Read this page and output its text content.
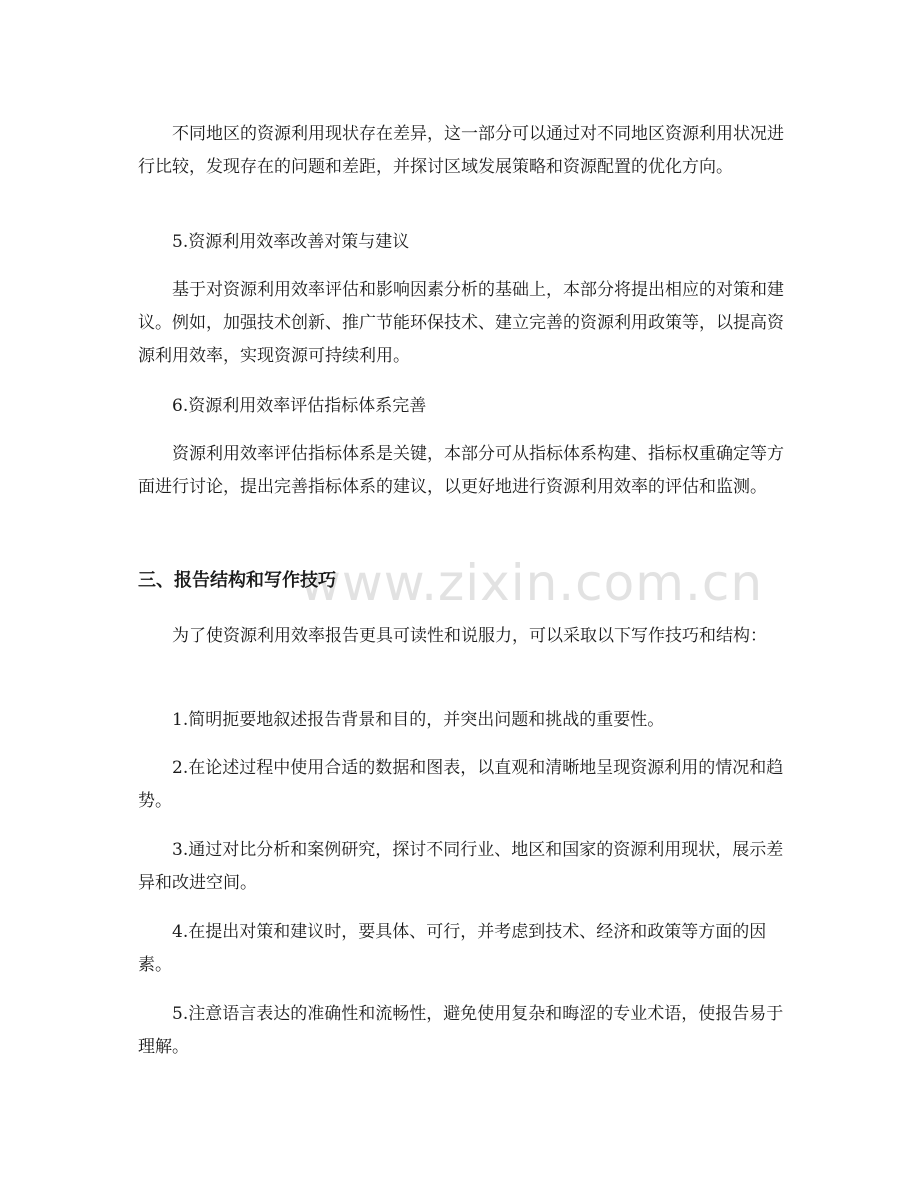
www.zixin.com.cn

不同地区的资源利用现状存在差异，这一部分可以通过对不同地区资源利用状况进行比较，发现存在的问题和差距，并探讨区域发展策略和资源配置的优化方向。

5.资源利用效率改善对策与建议

基于对资源利用效率评估和影响因素分析的基础上，本部分将提出相应的对策和建议。例如，加强技术创新、推广节能环保技术、建立完善的资源利用政策等，以提高资源利用效率，实现资源可持续利用。

6.资源利用效率评估指标体系完善

资源利用效率评估指标体系是关键，本部分可从指标体系构建、指标权重确定等方面进行讨论，提出完善指标体系的建议，以更好地进行资源利用效率的评估和监测。

三、报告结构和写作技巧

为了使资源利用效率报告更具可读性和说服力，可以采取以下写作技巧和结构：

1.简明扼要地叙述报告背景和目的，并突出问题和挑战的重要性。

2.在论述过程中使用合适的数据和图表，以直观和清晰地呈现资源利用的情况和趋势。

3.通过对比分析和案例研究，探讨不同行业、地区和国家的资源利用现状，展示差异和改进空间。

4.在提出对策和建议时，要具体、可行，并考虑到技术、经济和政策等方面的因素。

5.注意语言表达的准确性和流畅性，避免使用复杂和晦涩的专业术语，使报告易于理解。
